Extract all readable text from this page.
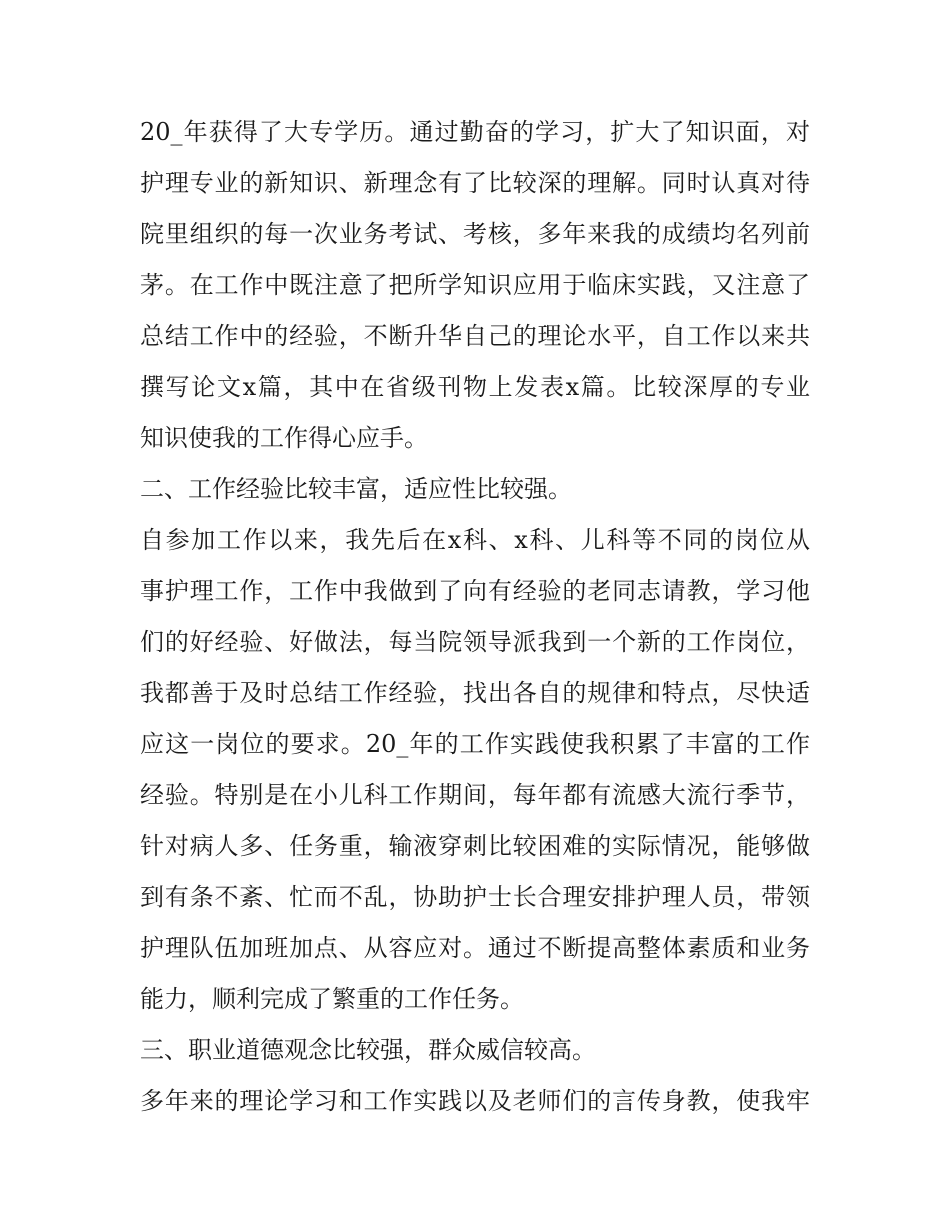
20_年获得了大专学历。通过勤奋的学习，扩大了知识面，对
护理专业的新知识、新理念有了比较深的理解。同时认真对待
院里组织的每一次业务考试、考核，多年来我的成绩均名列前
茅。在工作中既注意了把所学知识应用于临床实践，又注意了
总结工作中的经验，不断升华自己的理论水平，自工作以来共
撰写论文x篇，其中在省级刊物上发表x篇。比较深厚的专业
知识使我的工作得心应手。
二、工作经验比较丰富，适应性比较强。
自参加工作以来，我先后在x科、x科、儿科等不同的岗位从
事护理工作，工作中我做到了向有经验的老同志请教，学习他
们的好经验、好做法，每当院领导派我到一个新的工作岗位，
我都善于及时总结工作经验，找出各自的规律和特点，尽快适
应这一岗位的要求。20_年的工作实践使我积累了丰富的工作
经验。特别是在小儿科工作期间，每年都有流感大流行季节，
针对病人多、任务重，输液穿刺比较困难的实际情况，能够做
到有条不紊、忙而不乱，协助护士长合理安排护理人员，带领
护理队伍加班加点、从容应对。通过不断提高整体素质和业务
能力，顺利完成了繁重的工作任务。
三、职业道德观念比较强，群众威信较高。
多年来的理论学习和工作实践以及老师们的言传身教，使我牢
